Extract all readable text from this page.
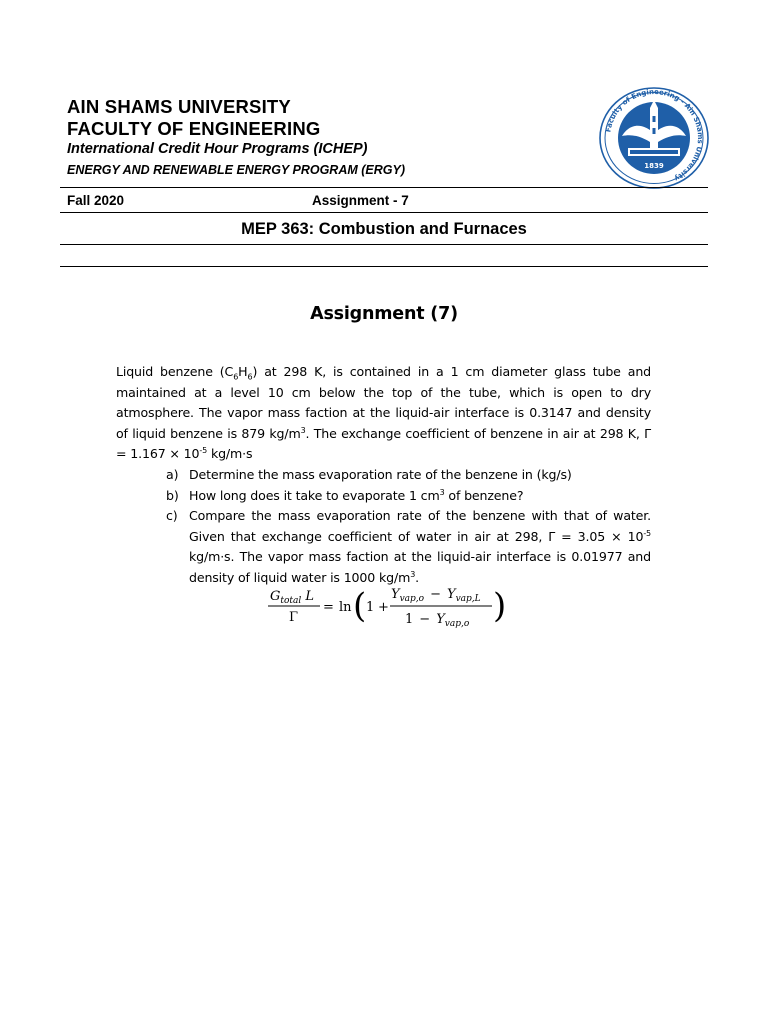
AIN SHAMS UNIVERSITY
FACULTY OF ENGINEERING
International Credit Hour Programs (ICHEP)
ENERGY AND RENEWABLE ENERGY PROGRAM (ERGY)
Faculty of Engineering - Ain Shams University
1839
Fall 2020	Assignment - 7
MEP 363: Combustion and Furnaces
Assignment (7)
Liquid benzene $(C_6H_6)$ at 298 K, is contained in a 1 cm diameter glass tube and maintained at a level 10 cm below the top of the tube, which is open to dry atmosphere. The vapor mass faction at the liquid-air interface is 0.3147 and density of liquid benzene is 879 $kg/m^3$. The exchange coefficient of benzene in air at 298 K, $\Gamma = 1.167 \times 10^{-5}$ kg/m·s
a) Determine the mass evaporation rate of the benzene in (kg/s)
b) How long does it take to evaporate 1 $cm^3$ of benzene?
c) Compare the mass evaporation rate of the benzene with that of water. Given that exchange coefficient of water in air at 298, $\Gamma = 3.05 \times 10^{-5}$ kg/m·s. The vapor mass faction at the liquid-air interface is 0.01977 and density of liquid water is 1000 $kg/m^3$.
$G_{total}$ L
Γ
= ln ( 1 +
$Y_{vap,o} - Y_{vap,L}$
$1 - Y_{vap,o}$ )
